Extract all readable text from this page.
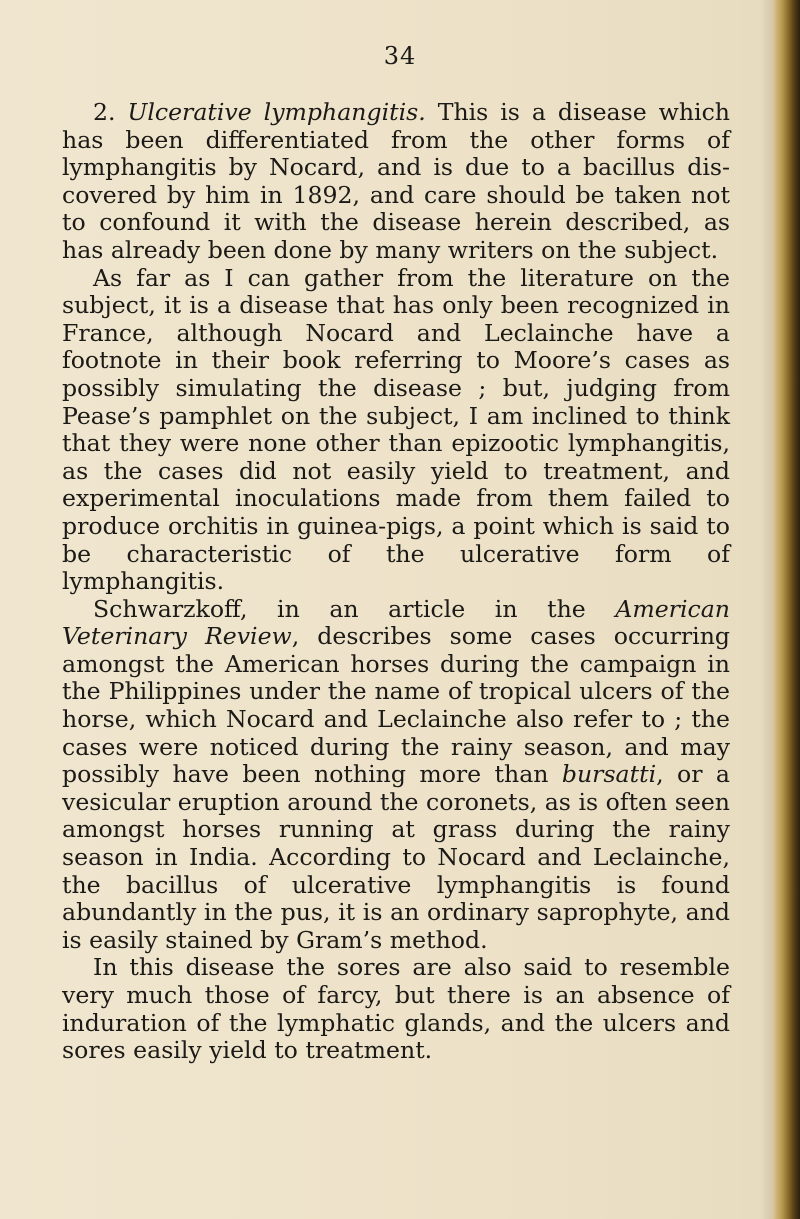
34

2. Ulcerative lymphangitis. This is a disease which has been differentiated from the other forms of lymphangitis by Nocard, and is due to a bacillus dis-covered by him in 1892, and care should be taken not to confound it with the disease herein described, as has already been done by many writers on the subject.

As far as I can gather from the literature on the subject, it is a disease that has only been recognized in France, although Nocard and Leclainche have a footnote in their book referring to Moore’s cases as possibly simulating the disease ; but, judging from Pease’s pamphlet on the subject, I am inclined to think that they were none other than epizootic lymphangitis, as the cases did not easily yield to treatment, and experimental inoculations made from them failed to produce orchitis in guinea-pigs, a point which is said to be characteristic of the ulcerative form of lymphangitis.

Schwarzkoff, in an article in the American Veterinary Review, describes some cases occurring amongst the American horses during the campaign in the Philippines under the name of tropical ulcers of the horse, which Nocard and Leclainche also refer to ; the cases were noticed during the rainy season, and may possibly have been nothing more than bursatti, or a vesicular eruption around the coronets, as is often seen amongst horses running at grass during the rainy season in India. According to Nocard and Leclainche, the bacillus of ulcerative lymphangitis is found abundantly in the pus, it is an ordinary saprophyte, and is easily stained by Gram’s method.

In this disease the sores are also said to resemble very much those of farcy, but there is an absence of induration of the lymphatic glands, and the ulcers and sores easily yield to treatment.
